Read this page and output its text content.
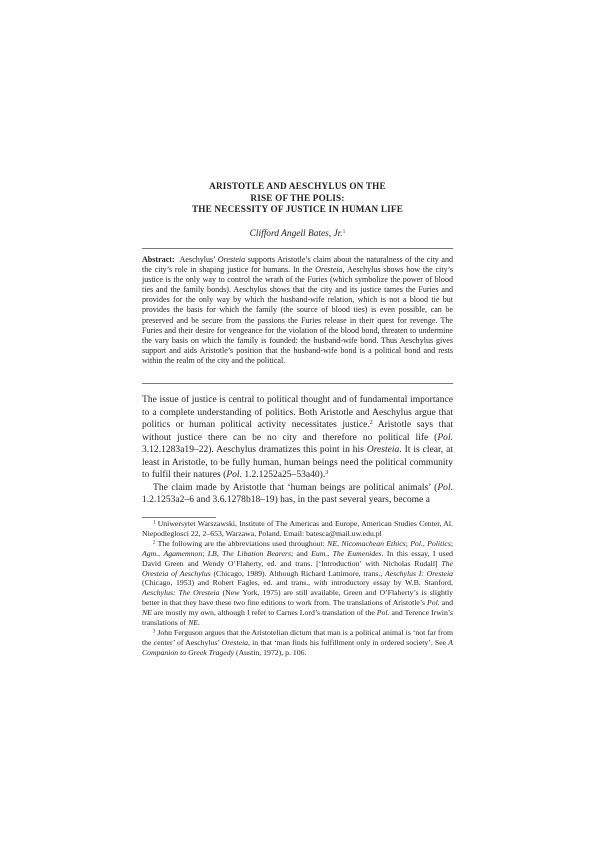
ARISTOTLE AND AESCHYLUS ON THE
RISE OF THE POLIS:
THE NECESSITY OF JUSTICE IN HUMAN LIFE
Clifford Angell Bates, Jr.$^1$
Abstract: Aeschylus’ Oresteia supports Aristotle’s claim about the naturalness of the city and the city’s role in shaping justice for humans. In the Oresteia, Aeschylus shows how the city’s justice is the only way to control the wrath of the Furies (which symbolize the power of blood ties and the family bonds). Aeschylus shows that the city and its justice tames the Furies and provides for the only way by which the husband-wife relation, which is not a blood tie but provides the basis for which the family (the source of blood ties) is even possible, can be preserved and be secure from the passions the Furies release in their quest for revenge. The Furies and their desire for vengeance for the violation of the blood bond, threaten to undermine the vary basis on which the family is founded: the husband-wife bond. Thus Aeschylus gives support and aids Aristotle’s position that the husband-wife bond is a political bond and rests within the realm of the city and the political.

The issue of justice is central to political thought and of fundamental importance to a complete understanding of politics. Both Aristotle and Aeschylus argue that politics or human political activity necessitates justice.$^2$ Aristotle says that without justice there can be no city and therefore no political life (Pol. 3.12.1283a19–22). Aeschylus dramatizes this point in his Oresteia. It is clear, at least in Aristotle, to be fully human, human beings need the political community to fulfil their natures (Pol. 1.2.1252a25–53a40).$^3$

The claim made by Aristotle that ‘human beings are political animals’ (Pol. 1.2.1253a2–6 and 3.6.1278b18–19) has, in the past several years, become a

$^1$ Uniwersytet Warszawski, Institute of The Americas and Europe, American Studies Center, Al. Niepodleglosci 22, 2–653, Warzawa, Poland. Email: batesca@mail.uw.edu.pl

$^2$ The following are the abbreviations used throughout: NE, Nicomachean Ethics; Pol., Politics; Agm., Agamemnon; LB, The Libation Bearers; and Eum., The Eumenides. In this essay, I used David Green and Wendy O’Flaherty, ed. and trans. [‘Introduction’ with Nicholas Rudall] The Oresteia of Aeschylus (Chicago, 1989). Although Richard Lattimore, trans., Aeschylus I: Oresteia (Chicago, 1953) and Robert Fagles, ed. and trans., with introductory essay by W.B. Stanford, Aeschylus: The Oresteia (New York, 1975) are still available, Green and O’Flaherty’s is slightly better in that they have these two fine editions to work from. The translations of Aristotle’s Pol. and NE are mostly my own, although I refer to Carnes Lord’s translation of the Pol. and Terence Irwin’s translations of NE.

$^3$ John Ferguson argues that the Aristotelian dictum that man is a political animal is ‘not far from the center’ of Aeschylus’ Oresteia, in that ‘man finds his fulfillment only in ordered society’. See A Companion to Greek Tragedy (Austin, 1972), p. 106.
